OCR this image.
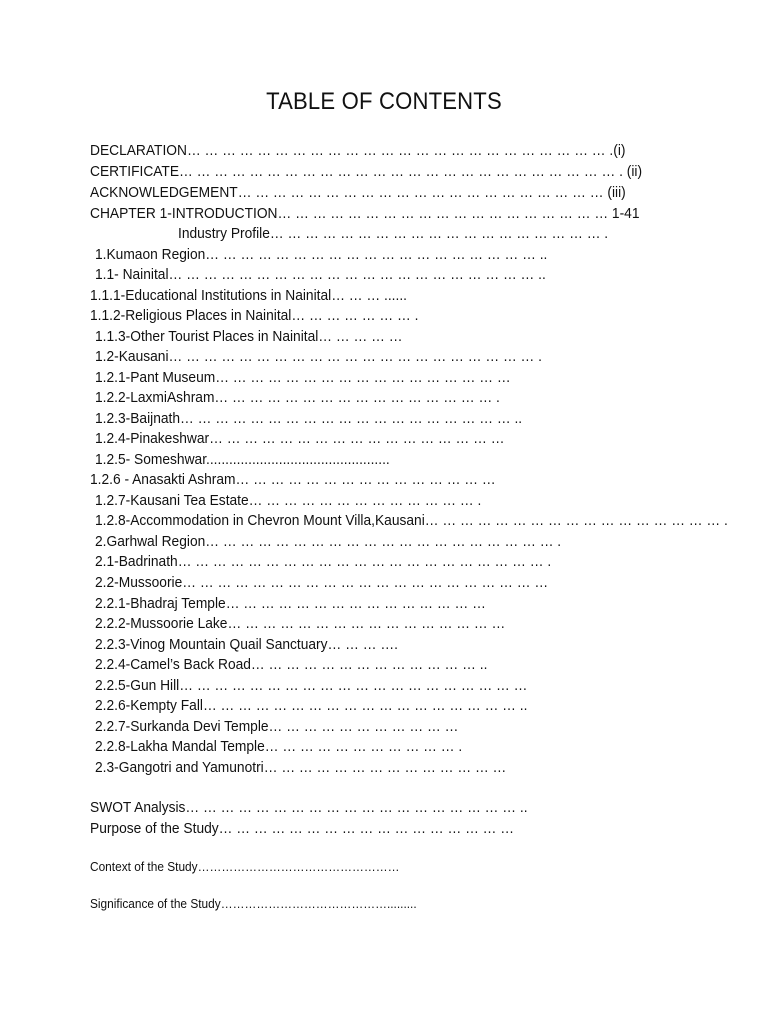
TABLE OF CONTENTS
DECLARATION… … … … … … … … … … … … … … … … … … … … … … … … .(i)
CERTIFICATE… … … … … … … … … … … … … … … … … … … … … … … … … . (ii)
ACKNOWLEDGEMENT… … … … … … … … … … … … … … … … … … … … … (iii)
CHAPTER 1-INTRODUCTION… … … … … … … … … … … … … … … … … … … 1-41
Industry Profile… … … … … … … … … … … … … … … … … … … .
1.Kumaon Region… … … … … … … … … … … … … … … … … … … ..
1.1- Nainital… … … … … … … … … … … … … … … … … … … … … ..
1.1.1-Educational Institutions in Nainital… … … ......
1.1.2-Religious Places in Nainital… … … … … … … .
1.1.3-Other Tourist Places in Nainital… … … … …
1.2-Kausani… … … … … … … … … … … … … … … … … … … … … .
1.2.1-Pant Museum… … … … … … … … … … … … … … … … …
1.2.2-LaxmiAshram… … … … … … … … … … … … … … … … .
1.2.3-Baijnath… … … … … … … … … … … … … … … … … … … ..
1.2.4-Pinakeshwar… … … … … … … … … … … … … … … … …
1.2.5- Someshwar................................................
1.2.6 - Anasakti Ashram… … … … … … … … … … … … … … …
1.2.7-Kausani Tea Estate… … … … … … … … … … … … … .
1.2.8-Accommodation in Chevron Mount Villa,Kausani… … … … … … … … … … … … … … … … … .
2.Garhwal Region… … … … … … … … … … … … … … … … … … … … .
2.1-Badrinath… … … … … … … … … … … … … … … … … … … … … .
2.2-Mussoorie… … … … … … … … … … … … … … … … … … … … …
2.2.1-Bhadraj Temple… … … … … … … … … … … … … … …
2.2.2-Mussoorie Lake… … … … … … … … … … … … … … … …
2.2.3-Vinog Mountain Quail Sanctuary… … … ….
2.2.4-Camel’s Back Road… … … … … … … … … … … … … ..
2.2.5-Gun Hill… … … … … … … … … … … … … … … … … … … …
2.2.6-Kempty Fall… … … … … … … … … … … … … … … … … … ..
2.2.7-Surkanda Devi Temple… … … … … … … … … … …
2.2.8-Lakha Mandal Temple… … … … … … … … … … … .
2.3-Gangotri and Yamunotri… … … … … … … … … … … … … …
SWOT Analysis… … … … … … … … … … … … … … … … … … … ..
Purpose of the Study… … … … … … … … … … … … … … … … …
Context of the Study……………………………………………
Significance of the Study…………………………………….........
